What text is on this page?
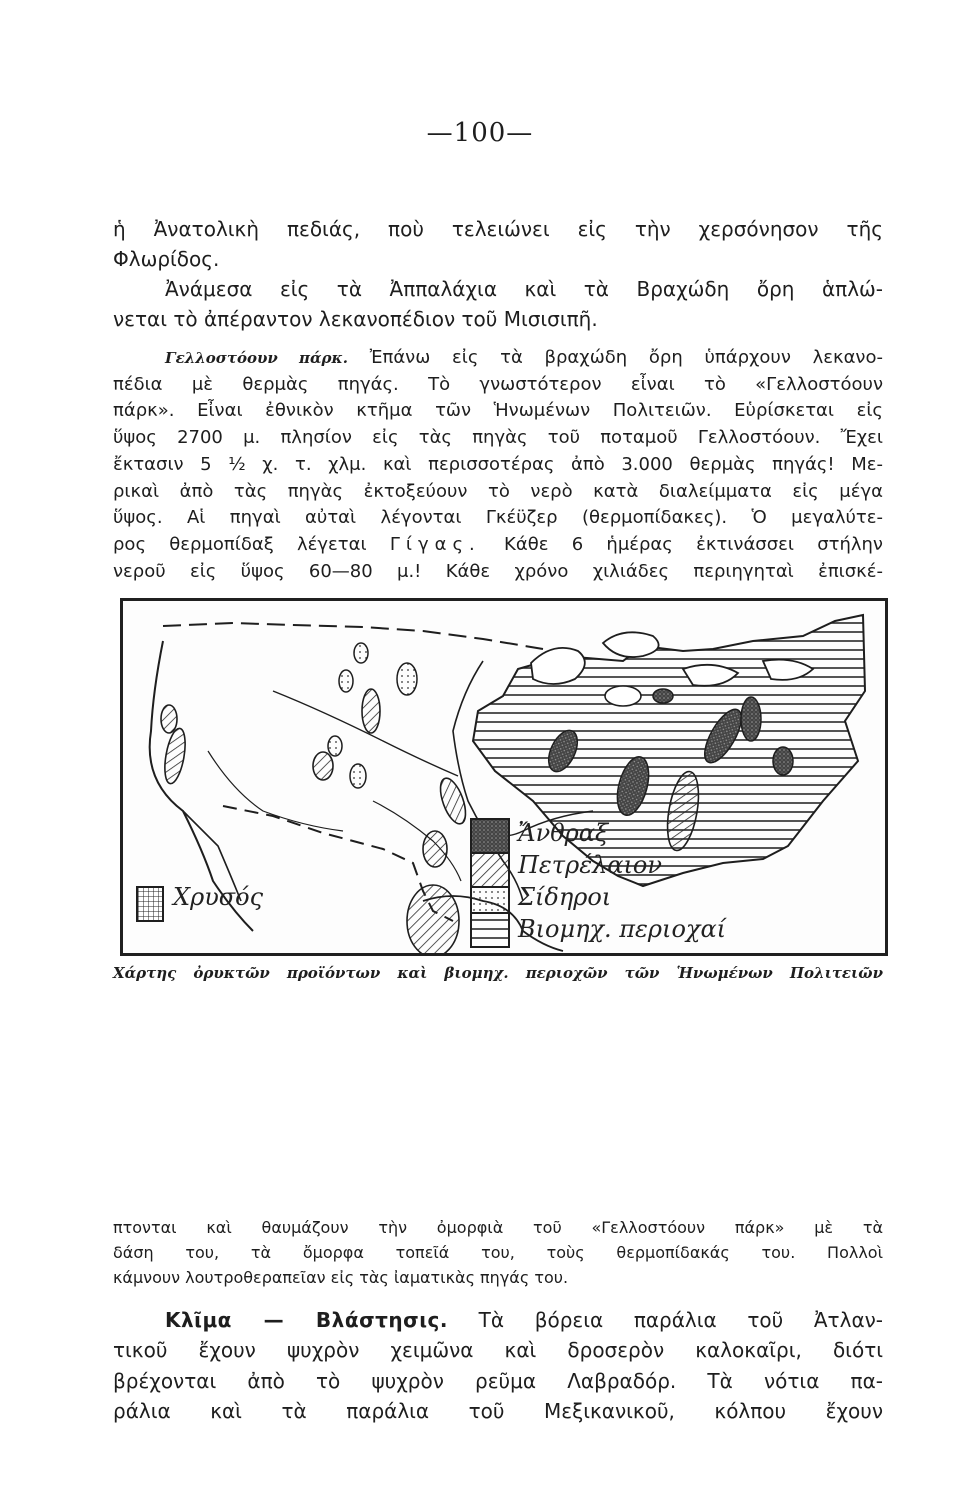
—100—
ἡ Ἀνατολικὴ πεδιάς, ποὺ τελειώνει εἰς τὴν χερσόνησον τῆς
Φλωρίδος.
Ἀνάμεσα εἰς τὰ Ἀππαλάχια καὶ τὰ Βραχώδη ὄρη ἁπλώ-
νεται τὸ ἀπέραντον λεκανοπέδιον τοῦ Μισισιπῆ.
Γελλοστόουν πάρκ. Ἐπάνω εἰς τὰ βραχώδη ὄρη ὑπάρχουν λεκανο-
πέδια μὲ θερμὰς πηγάς. Τὸ γνωστότερον εἶναι τὸ «Γελλοστόουν
πάρκ». Εἶναι ἐθνικὸν κτῆμα τῶν Ἡνωμένων Πολιτειῶν. Εὑρίσκεται εἰς
ὕψος 2700 μ. πλησίον εἰς τὰς πηγὰς τοῦ ποταμοῦ Γελλοστόουν. Ἔχει
ἔκτασιν 5 ½ χ. τ. χλμ. καὶ περισσοτέρας ἀπὸ 3.000 θερμὰς πηγάς! Με-
ρικαὶ ἀπὸ τὰς πηγὰς ἐκτοξεύουν τὸ νερὸ κατὰ διαλείμματα εἰς μέγα
ὕψος. Αἱ πηγαὶ αὐταὶ λέγονται Γκέϋζερ (θερμοπίδακες). Ὁ μεγαλύτε-
ρος θερμοπίδαξ λέγεται Γίγας. Κάθε 6 ἡμέρας ἐκτινάσσει στήλην
νεροῦ εἰς ὕψος 60—80 μ.! Κάθε χρόνο χιλιάδες περιηγηταὶ ἐπισκέ-
Ἄνθραξ
Πετρέλαιον
Σίδηροι
Βιομηχ. περιοχαί
Χρυσός
Χάρτης ὀρυκτῶν προϊόντων καὶ βιομηχ. περιοχῶν τῶν Ἡνωμένων Πολιτειῶν
πτονται καὶ θαυμάζουν τὴν ὀμορφιὰ τοῦ «Γελλοστόουν πάρκ» μὲ τὰ
δάση του, τὰ ὄμορφα τοπεῖά του, τοὺς θερμοπίδακάς του. Πολλοὶ
κάμνουν λουτροθεραπεῖαν εἰς τὰς ἰαματικὰς πηγάς του.
Κλῖμα — Βλάστησις. Τὰ βόρεια παράλια τοῦ Ἀτλαν-
τικοῦ ἔχουν ψυχρὸν χειμῶνα καὶ δροσερὸν καλοκαῖρι, διότι
βρέχονται ἀπὸ τὸ ψυχρὸν ρεῦμα Λαβραδόρ. Τὰ νότια πα-
ράλια καὶ τὰ παράλια τοῦ Μεξικανικοῦ, κόλπου ἔχουν
